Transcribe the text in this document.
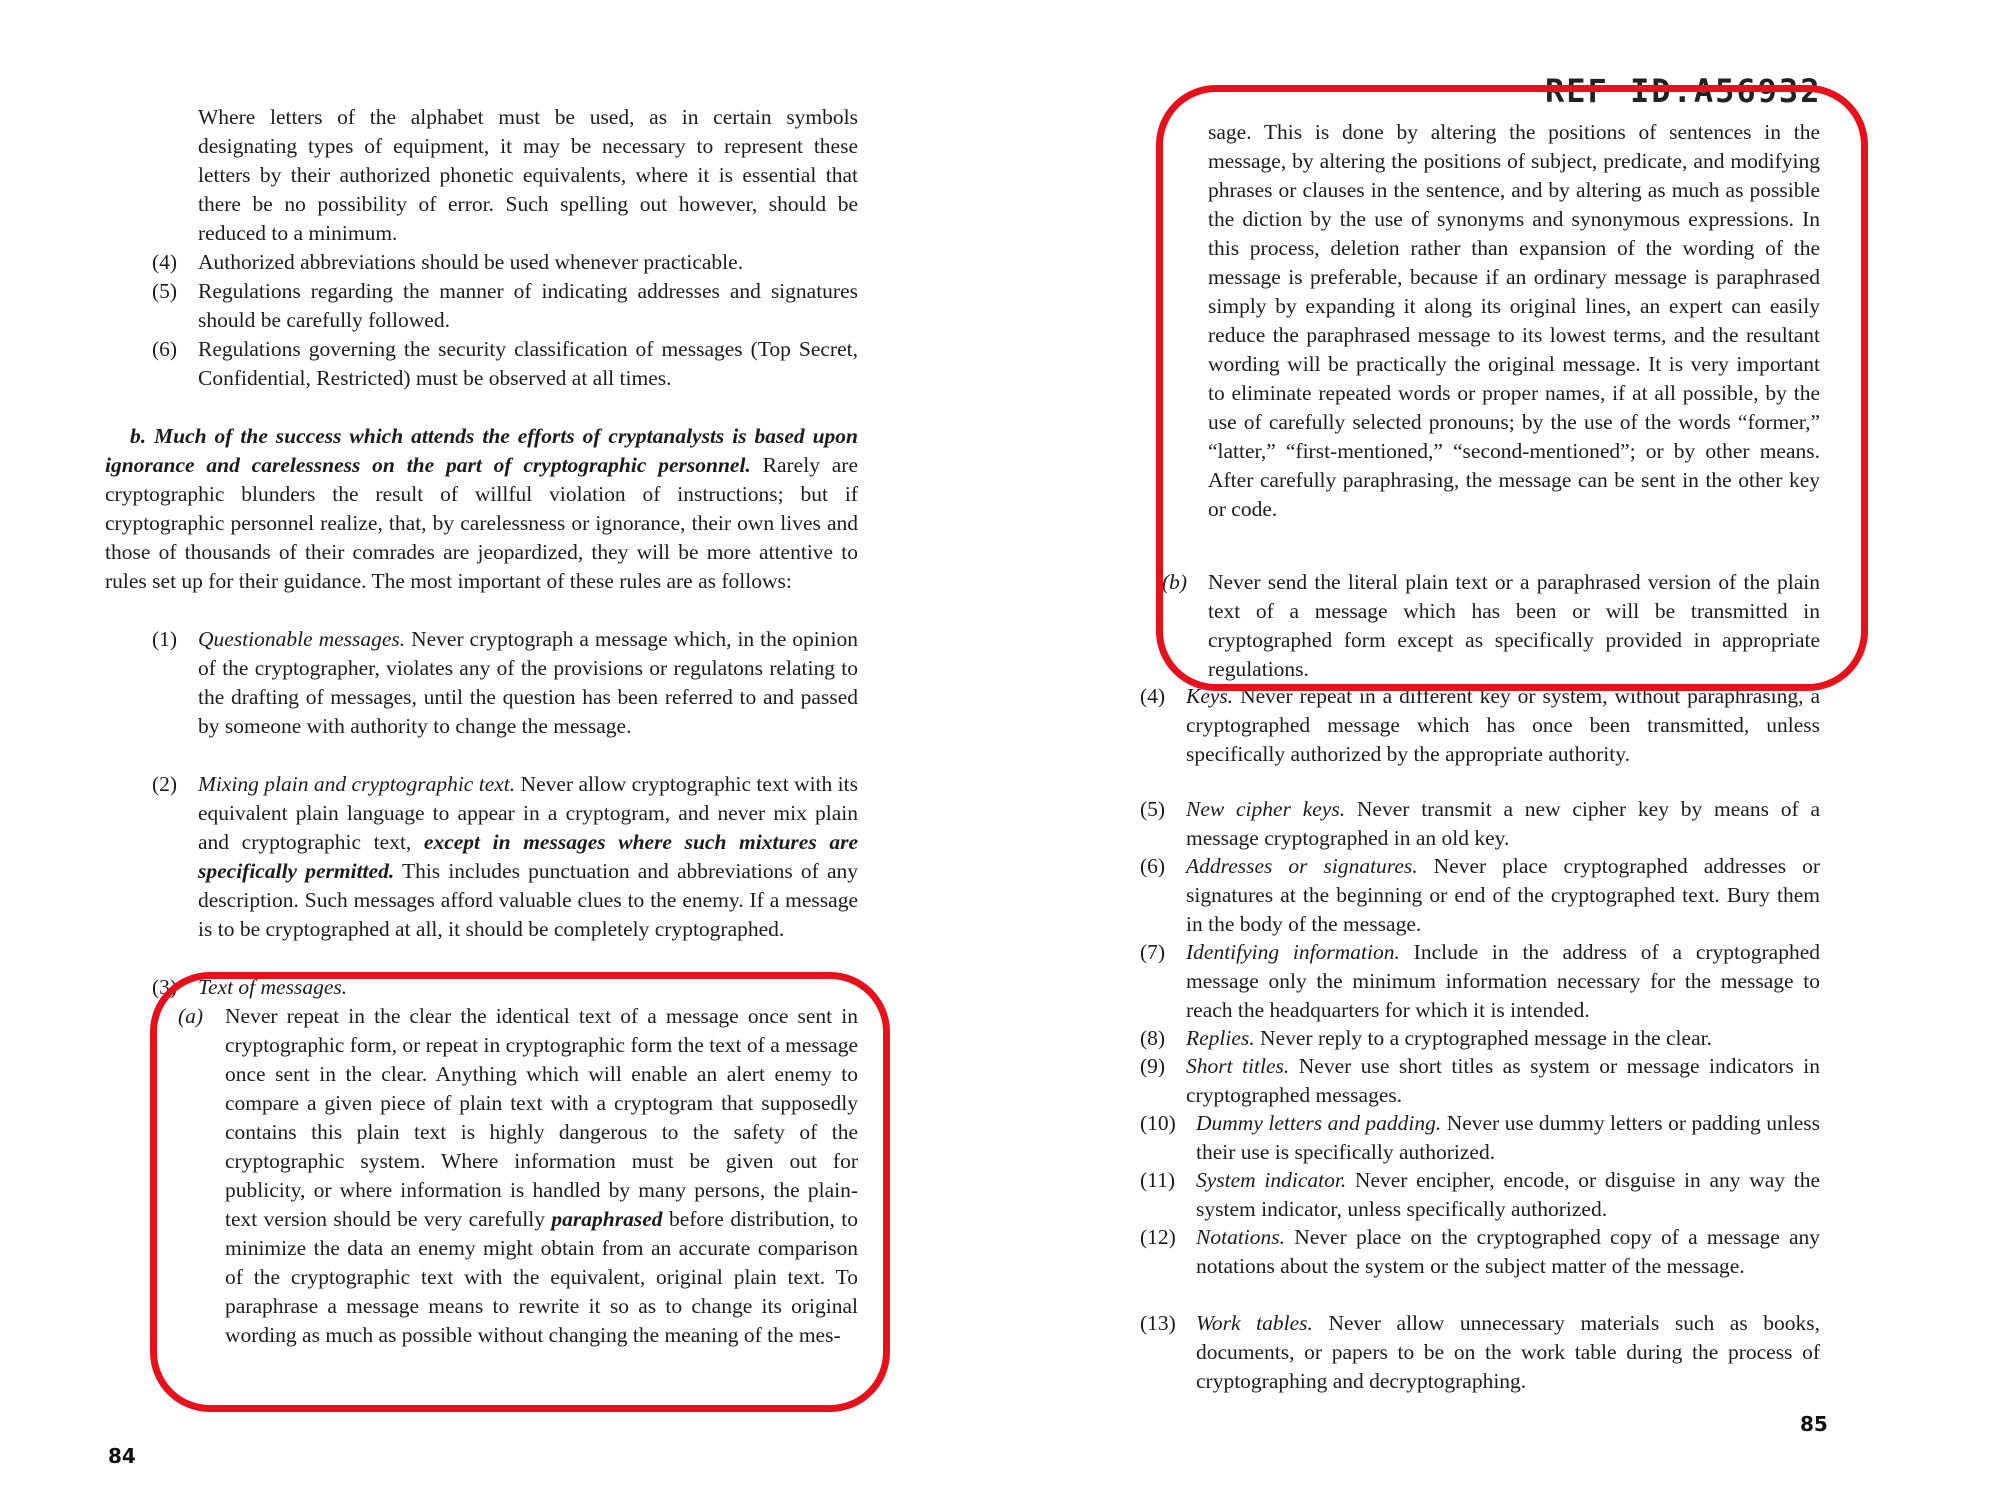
Where letters of the alphabet must be used, as in certain symbols designating types of equipment, it may be necessary to represent these letters by their authorized phonetic equivalents, where it is essential that there be no possibility of error. Such spelling out however, should be reduced to a minimum.

(4) Authorized abbreviations should be used whenever practicable.

(5) Regulations regarding the manner of indicating addresses and signatures should be carefully followed.

(6) Regulations governing the security classification of messages (Top Secret, Confidential, Restricted) must be observed at all times.

b. Much of the success which attends the efforts of cryptanalysts is based upon ignorance and carelessness on the part of cryptographic personnel. Rarely are cryptographic blunders the result of willful violation of instructions; but if cryptographic personnel realize, that, by carelessness or ignorance, their own lives and those of thousands of their comrades are jeopardized, they will be more attentive to rules set up for their guidance. The most important of these rules are as follows:

(1) Questionable messages. Never cryptograph a message which, in the opinion of the cryptographer, violates any of the provisions or regulatons relating to the drafting of messages, until the question has been referred to and passed by someone with authority to change the message.

(2) Mixing plain and cryptographic text. Never allow cryptographic text with its equivalent plain language to appear in a cryptogram, and never mix plain and cryptographic text, except in messages where such mixtures are specifically permitted. This includes punctuation and abbreviations of any description. Such messages afford valuable clues to the enemy. If a message is to be cryptographed at all, it should be completely cryptographed.

(3) Text of messages.

(a) Never repeat in the clear the identical text of a message once sent in cryptographic form, or repeat in cryptographic form the text of a message once sent in the clear. Anything which will enable an alert enemy to compare a given piece of plain text with a cryptogram that supposedly contains this plain text is highly dangerous to the safety of the cryptographic system. Where information must be given out for publicity, or where information is handled by many persons, the plain-text version should be very carefully paraphrased before distribution, to minimize the data an enemy might obtain from an accurate comparison of the cryptographic text with the equivalent, original plain text. To paraphrase a message means to rewrite it so as to change its original wording as much as possible without changing the meaning of the mes-

84
REF ID:A56932

sage. This is done by altering the positions of sentences in the message, by altering the positions of subject, predicate, and modifying phrases or clauses in the sentence, and by altering as much as possible the diction by the use of synonyms and synonymous expressions. In this process, deletion rather than expansion of the wording of the message is preferable, because if an ordinary message is paraphrased simply by expanding it along its original lines, an expert can easily reduce the paraphrased message to its lowest terms, and the resultant wording will be practically the original message. It is very important to eliminate repeated words or proper names, if at all possible, by the use of carefully selected pronouns; by the use of the words “former,” “latter,” “first-mentioned,” “second-mentioned”; or by other means. After carefully paraphrasing, the message can be sent in the other key or code.

(b) Never send the literal plain text or a paraphrased version of the plain text of a message which has been or will be transmitted in cryptographed form except as specifically provided in appropriate regulations.

(4) Keys. Never repeat in a different key or system, without paraphrasing, a cryptographed message which has once been transmitted, unless specifically authorized by the appropriate authority.

(5) New cipher keys. Never transmit a new cipher key by means of a message cryptographed in an old key.

(6) Addresses or signatures. Never place cryptographed addresses or signatures at the beginning or end of the cryptographed text. Bury them in the body of the message.

(7) Identifying information. Include in the address of a cryptographed message only the minimum information necessary for the message to reach the headquarters for which it is intended.

(8) Replies. Never reply to a cryptographed message in the clear.

(9) Short titles. Never use short titles as system or message indicators in cryptographed messages.

(10) Dummy letters and padding. Never use dummy letters or padding unless their use is specifically authorized.

(11) System indicator. Never encipher, encode, or disguise in any way the system indicator, unless specifically authorized.

(12) Notations. Never place on the cryptographed copy of a message any notations about the system or the subject matter of the message.

(13) Work tables. Never allow unnecessary materials such as books, documents, or papers to be on the work table during the process of cryptographing and decryptographing.

85
